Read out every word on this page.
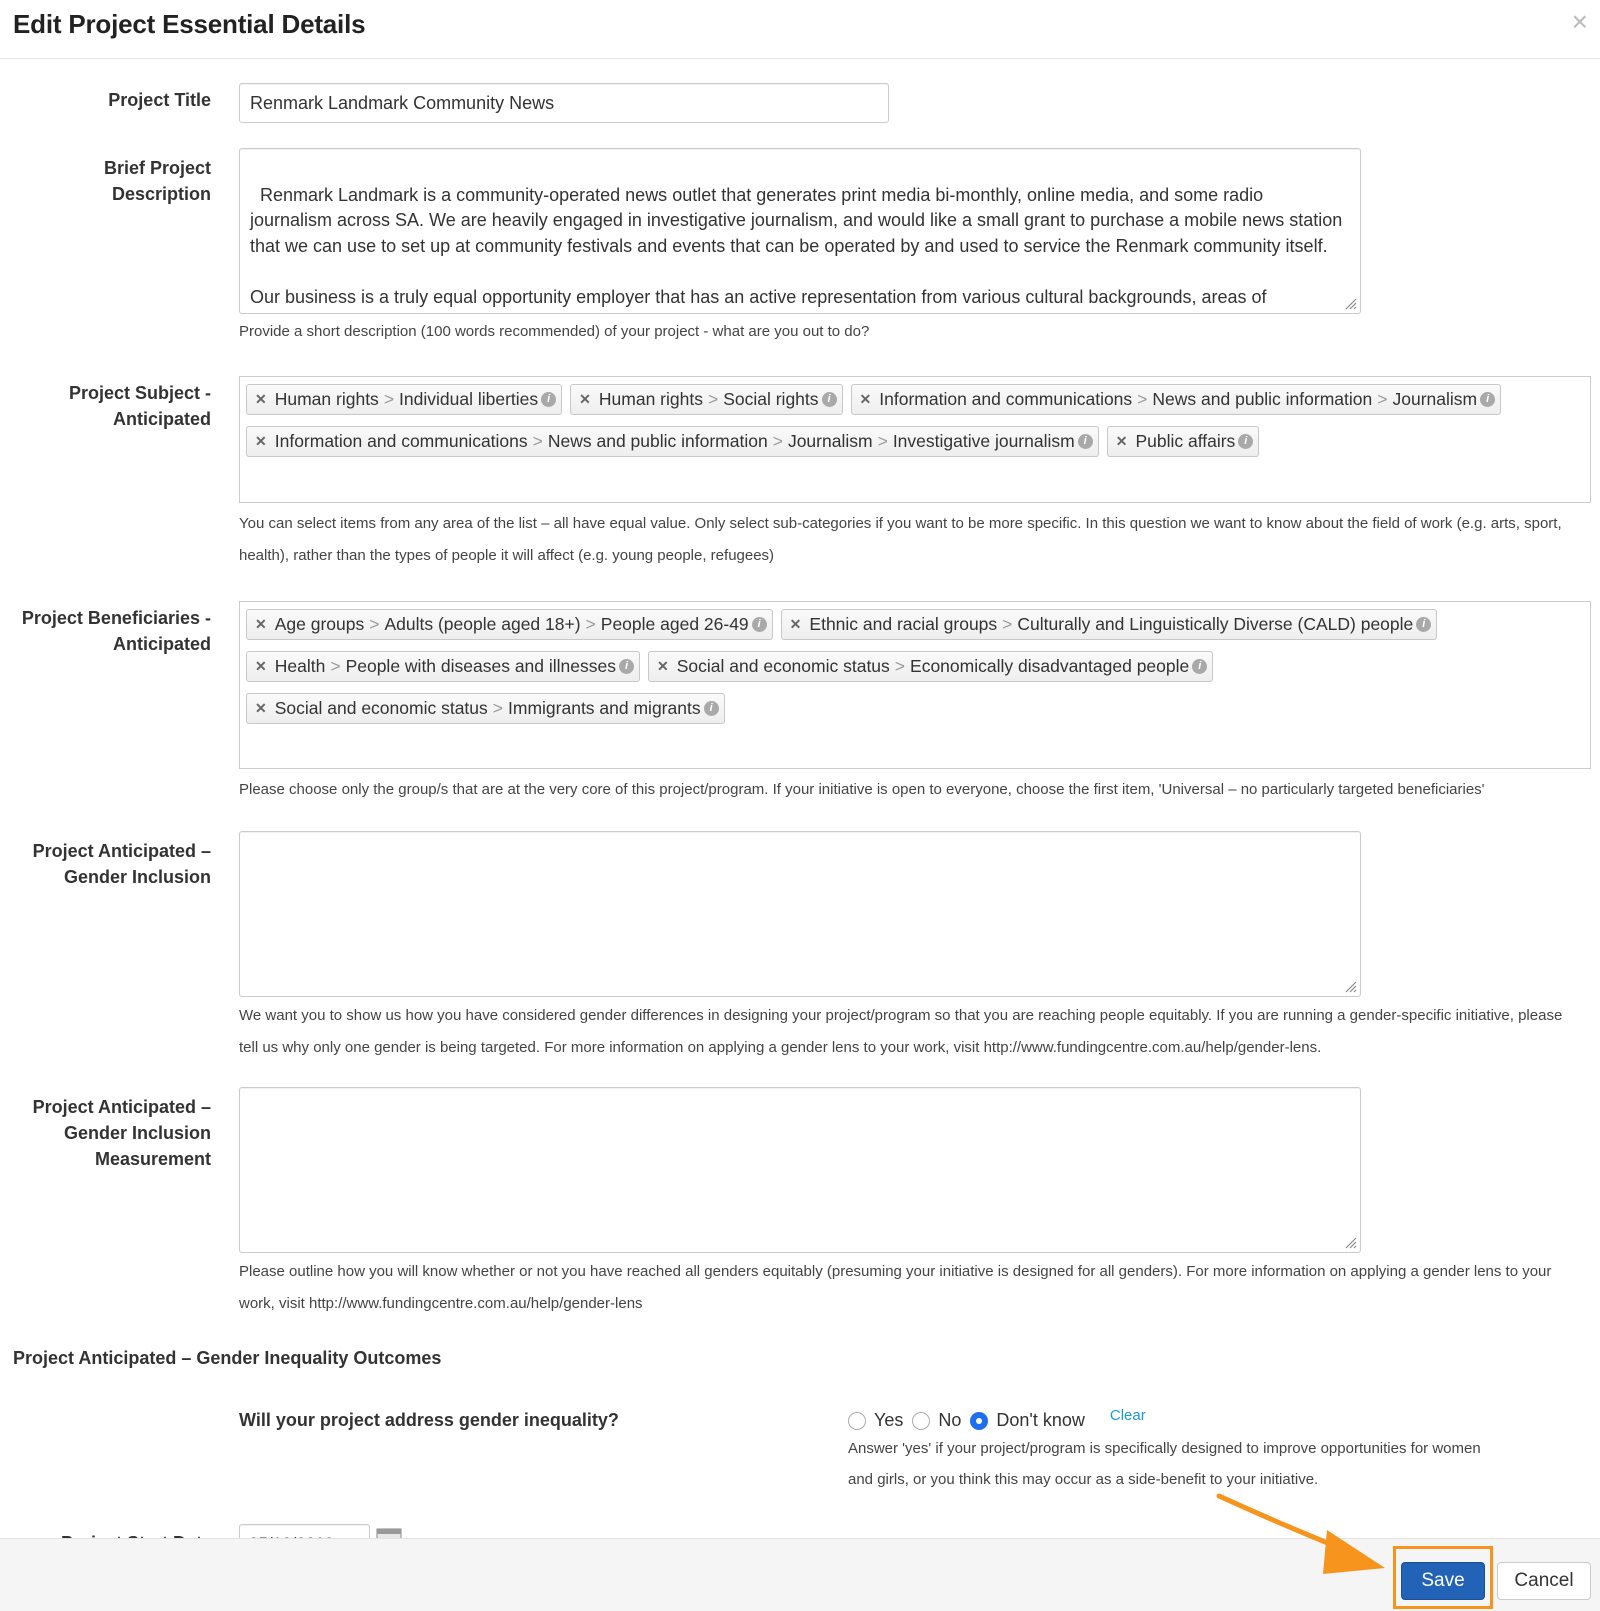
Edit Project Essential Details	×
Project Title	Renmark Landmark Community News
Brief Project
Description	Renmark Landmark is a community-operated news outlet that generates print media bi-monthly, online media, and some radio journalism across SA. We are heavily engaged in investigative journalism, and would like a small grant to purchase a mobile news station that we can use to set up at community festivals and events that can be operated by and used to service the Renmark community itself.

Our business is a truly equal opportunity employer that has an active representation from various cultural backgrounds, areas of

Provide a short description (100 words recommended) of your project - what are you out to do?
Project Subject -
Anticipated
✕ Human rights > Individual liberties i	✕ Human rights > Social rights i	✕ Information and communications > News and public information > Journalism i
✕ Information and communications > News and public information > Journalism > Investigative journalism i	✕ Public affairs i
You can select items from any area of the list – all have equal value. Only select sub-categories if you want to be more specific. In this question we want to know about the field of work (e.g. arts, sport, health), rather than the types of people it will affect (e.g. young people, refugees)
Project Beneficiaries -
Anticipated
✕ Age groups > Adults (people aged 18+) > People aged 26-49 i	✕ Ethnic and racial groups > Culturally and Linguistically Diverse (CALD) people i
✕ Health > People with diseases and illnesses i	✕ Social and economic status > Economically disadvantaged people i
✕ Social and economic status > Immigrants and migrants i
Please choose only the group/s that are at the very core of this project/program. If your initiative is open to everyone, choose the first item, 'Universal – no particularly targeted beneficiaries'
Project Anticipated –
Gender Inclusion

We want you to show us how you have considered gender differences in designing your project/program so that you are reaching people equitably. If you are running a gender-specific initiative, please tell us why only one gender is being targeted. For more information on applying a gender lens to your work, visit http://www.fundingcentre.com.au/help/gender-lens.
Project Anticipated –
Gender Inclusion
Measurement

Please outline how you will know whether or not you have reached all genders equitably (presuming your initiative is designed for all genders). For more information on applying a gender lens to your work, visit http://www.fundingcentre.com.au/help/gender-lens
Project Anticipated – Gender Inequality Outcomes
Will your project address gender inequality?	Yes No Don't know Clear
Answer 'yes' if your project/program is specifically designed to improve opportunities for women and girls, or you think this may occur as a side-benefit to your initiative.
Save	Cancel
